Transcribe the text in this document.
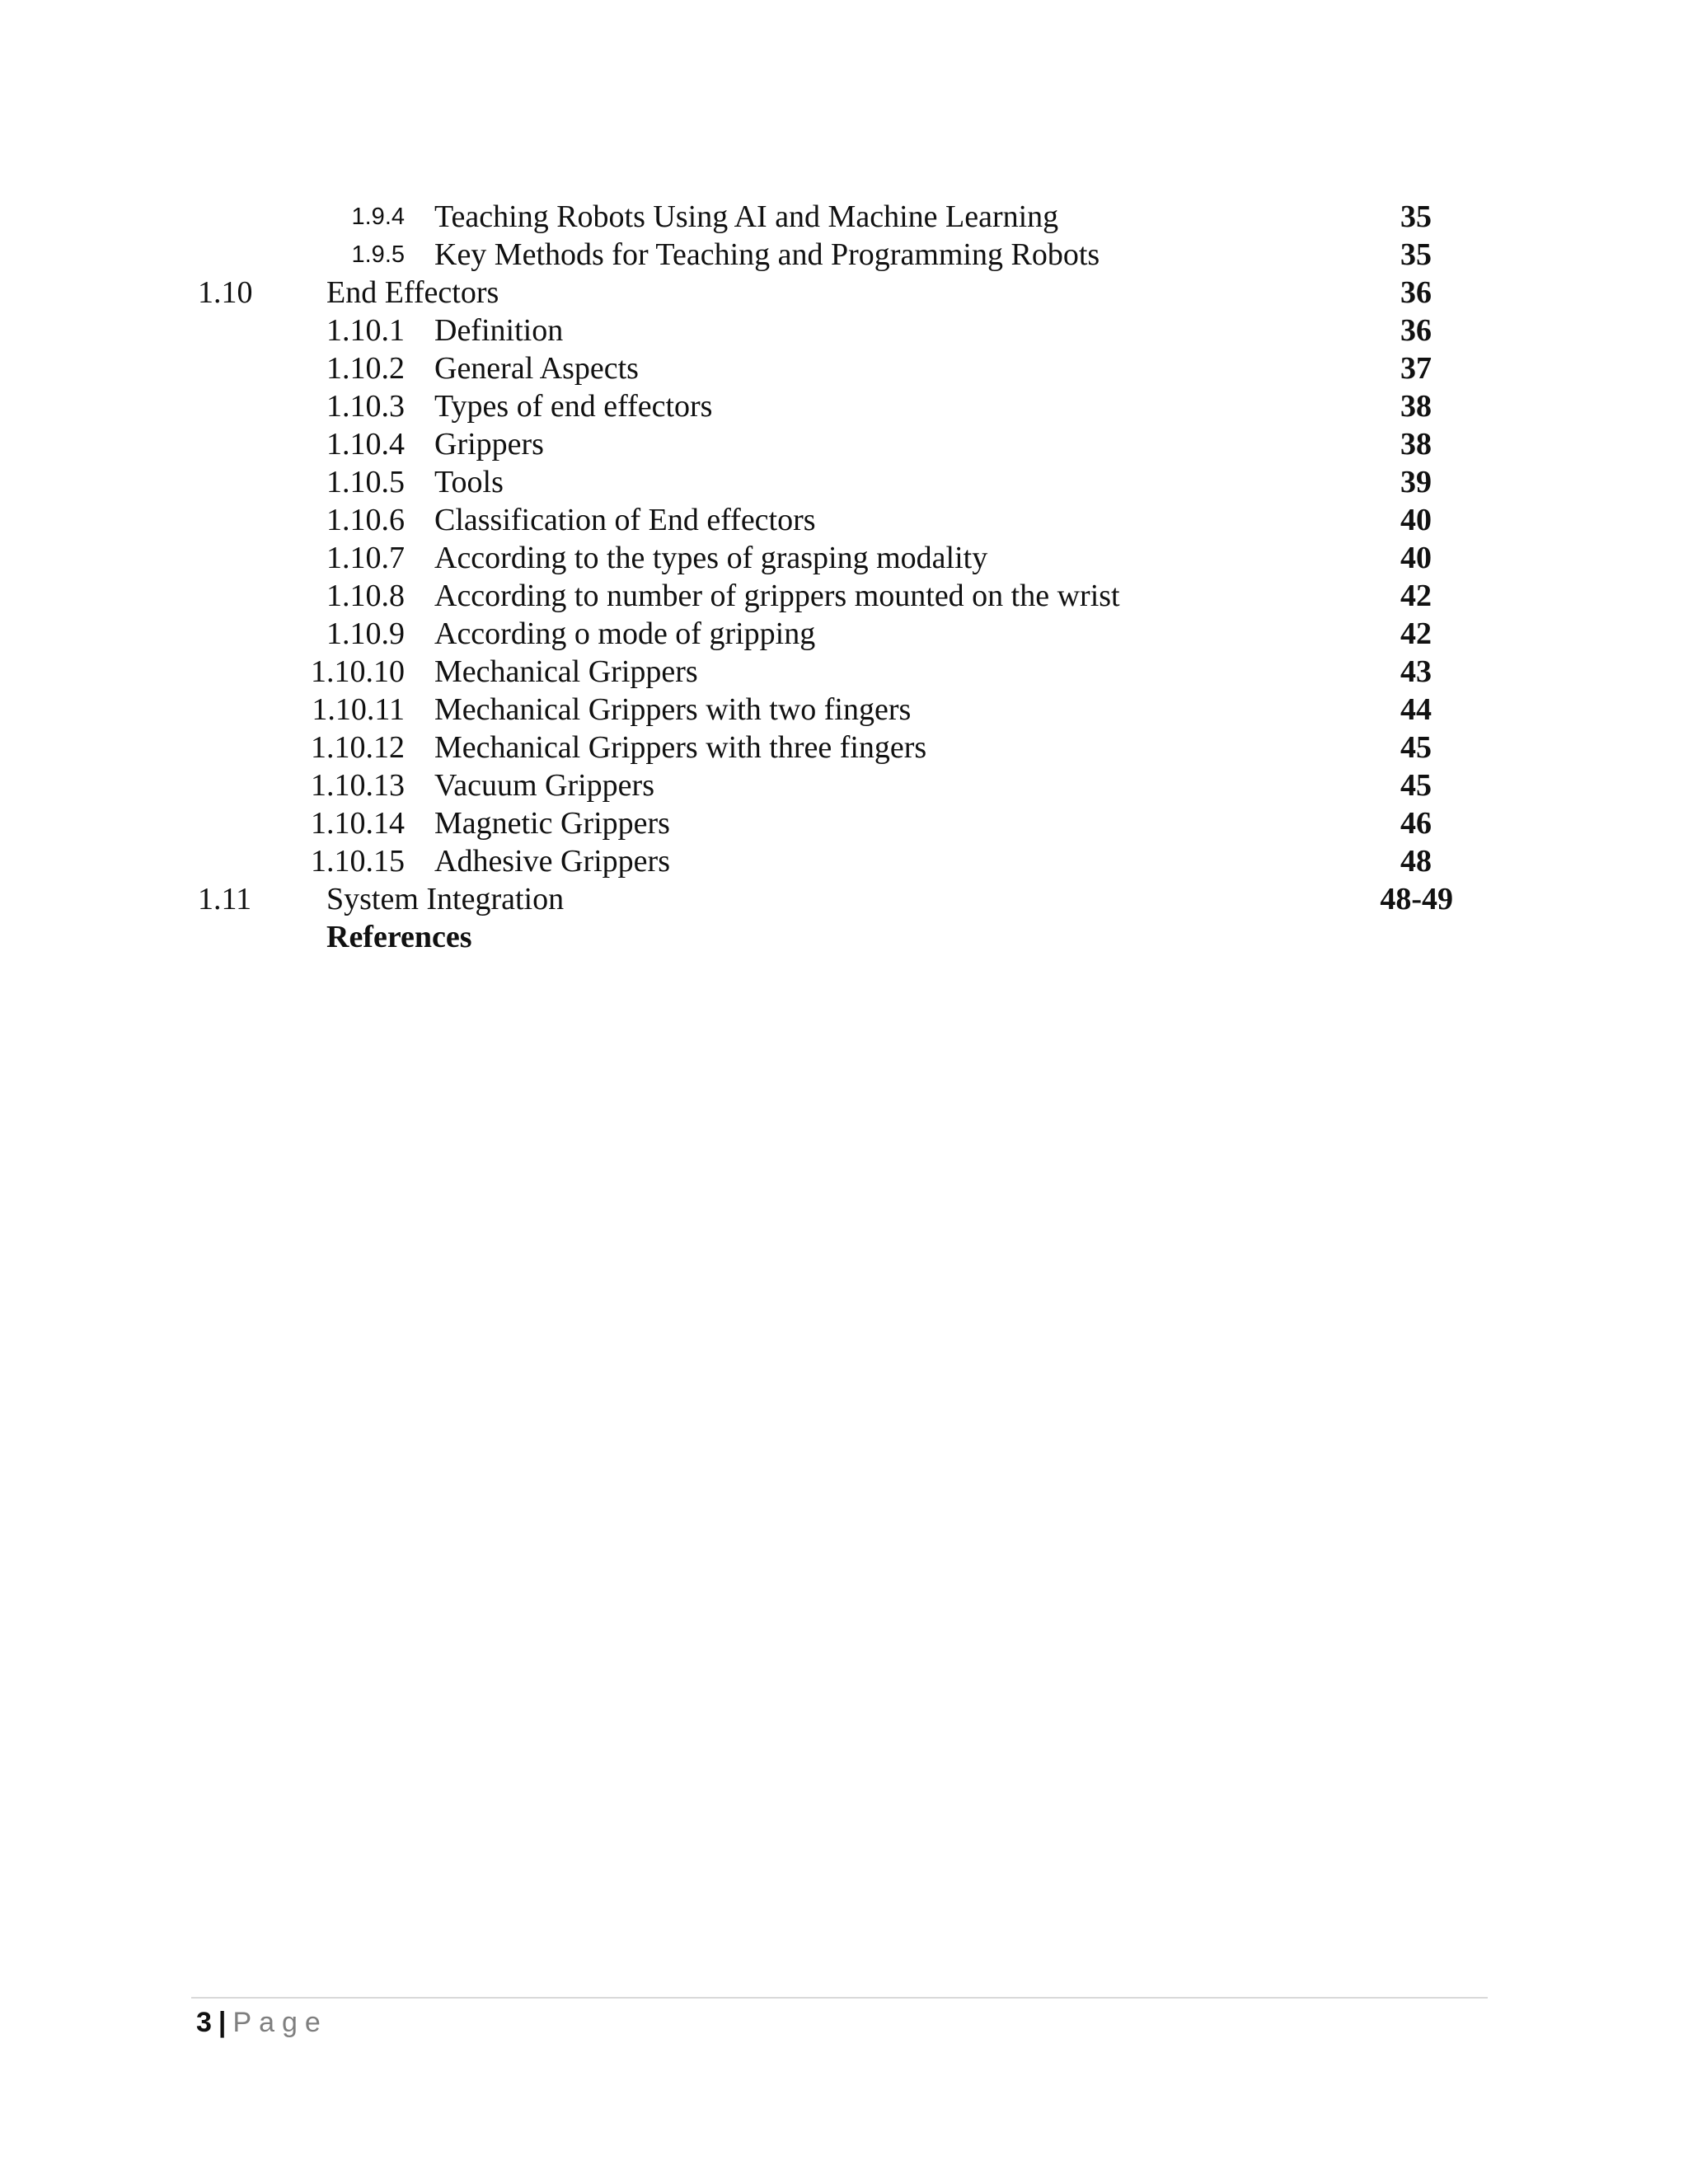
1.9.4 Teaching Robots Using AI and Machine Learning	35
1.9.5 Key Methods for Teaching and Programming Robots	35
1.10 End Effectors	36
1.10.1 Definition	36
1.10.2 General Aspects	37
1.10.3 Types of end effectors	38
1.10.4 Grippers	38
1.10.5 Tools	39
1.10.6 Classification of End effectors	40
1.10.7 According to the types of grasping modality	40
1.10.8 According to number of grippers mounted on the wrist	42
1.10.9 According o mode of gripping	42
1.10.10 Mechanical Grippers	43
1.10.11 Mechanical Grippers with two fingers	44
1.10.12 Mechanical Grippers with three fingers	45
1.10.13 Vacuum Grippers	45
1.10.14 Magnetic Grippers	46
1.10.15 Adhesive Grippers	48
1.11 System Integration	48-49
References
3 | Page
